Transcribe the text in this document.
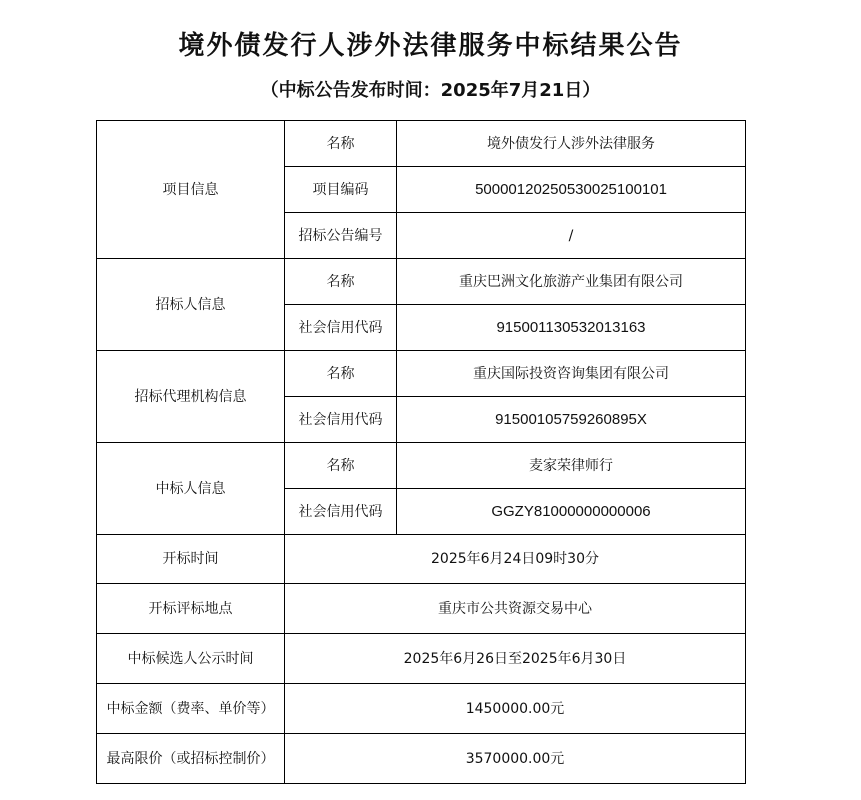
境外债发行人涉外法律服务中标结果公告
（中标公告发布时间：2025年7月21日）
项目信息	名称	境外债发行人涉外法律服务
	项目编码	50000120250530025100101
	招标公告编号	/
招标人信息	名称	重庆巴洲文化旅游产业集团有限公司
	社会信用代码	915001130532013163
招标代理机构信息	名称	重庆国际投资咨询集团有限公司
	社会信用代码	91500105759260895X
中标人信息	名称	麦家荣律师行
	社会信用代码	GGZY81000000000006
开标时间	2025年6月24日09时30分	
开标评标地点	重庆市公共资源交易中心	
中标候选人公示时间	2025年6月26日至2025年6月30日	
中标金额（费率、单价等）	1450000.00元	
最高限价（或招标控制价）	3570000.00元	
